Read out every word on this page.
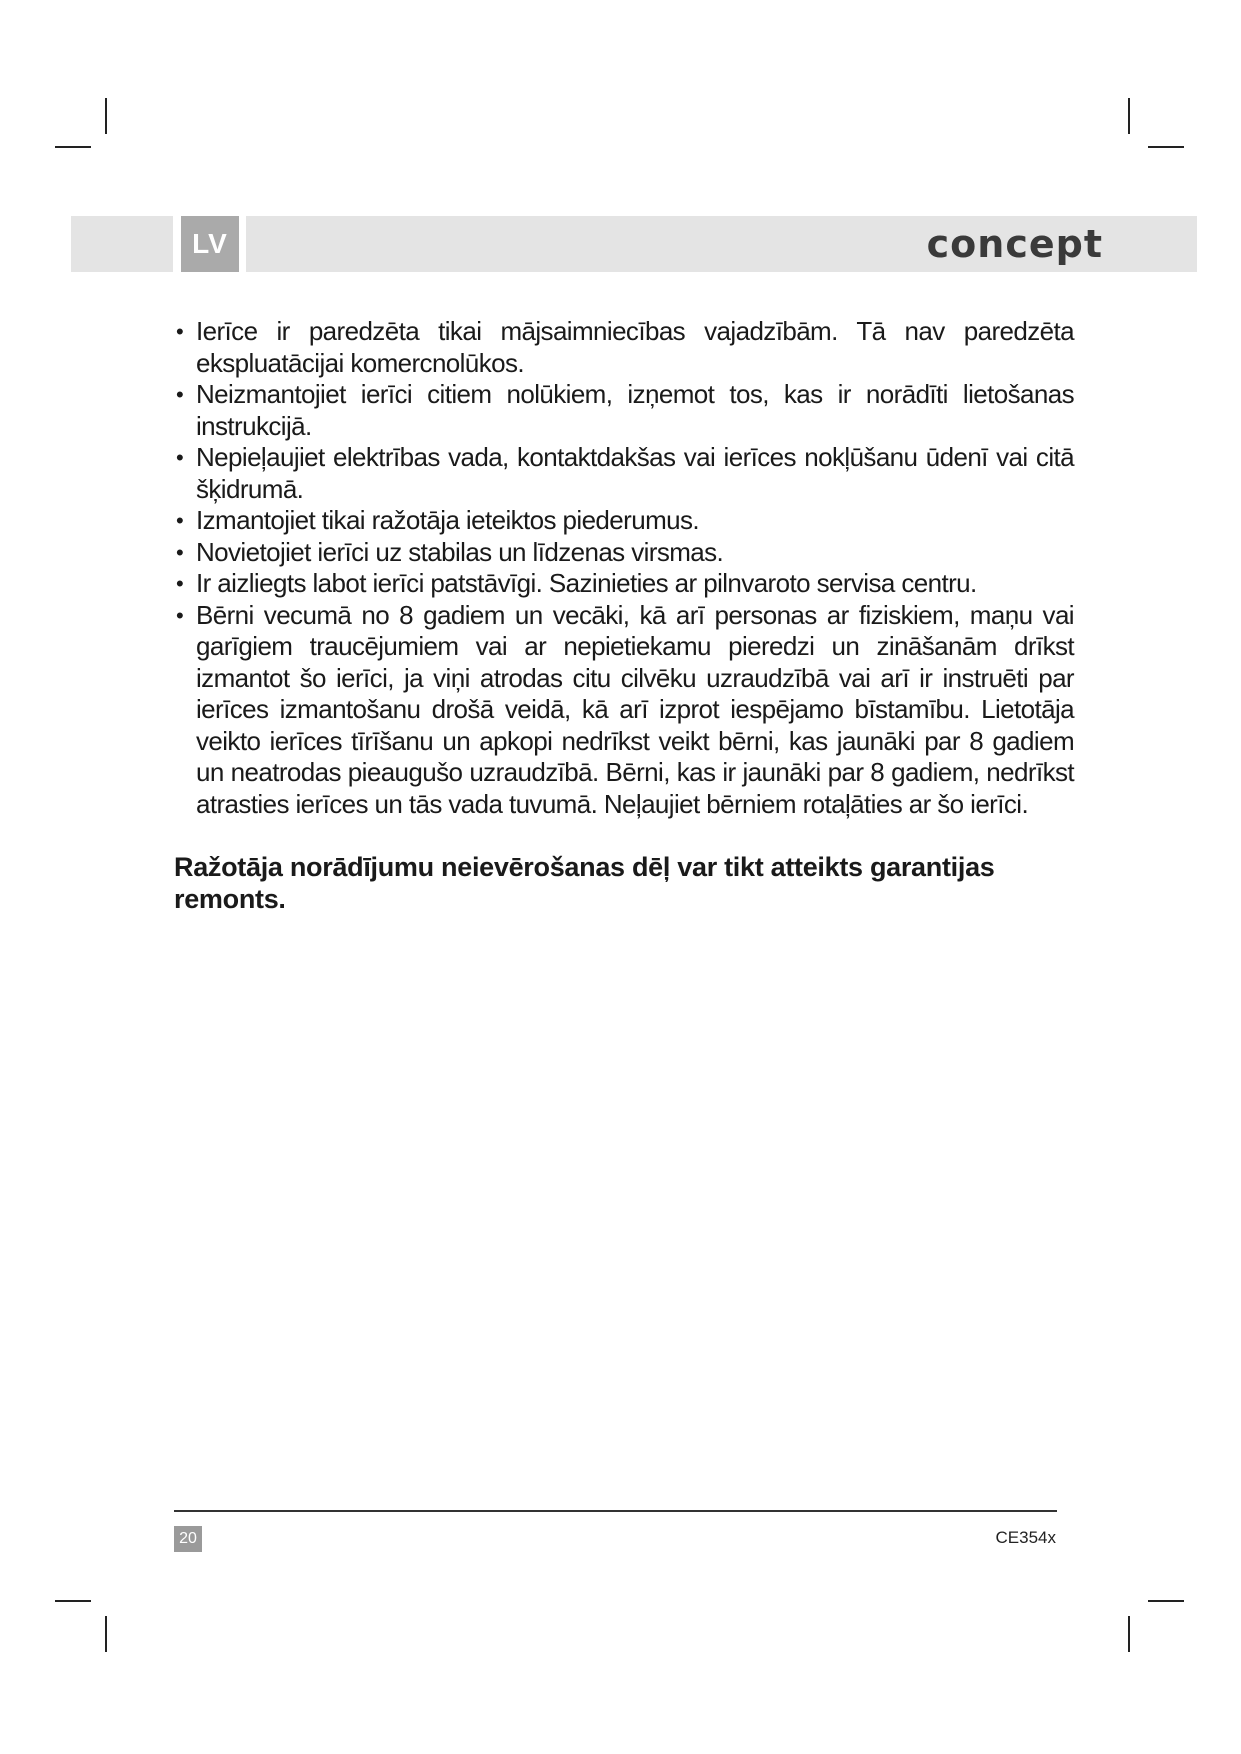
LV	concept
• Ierīce ir paredzēta tikai mājsaimniecības vajadzībām. Tā nav paredzēta ekspluatācijai komercnolūkos.
• Neizmantojiet ierīci citiem nolūkiem, izņemot tos, kas ir norādīti lietošanas instrukcijā.
• Nepieļaujiet elektrības vada, kontaktdakšas vai ierīces nokļūšanu ūdenī vai citā šķidrumā.
• Izmantojiet tikai ražotāja ieteiktos piederumus.
• Novietojiet ierīci uz stabilas un līdzenas virsmas.
• Ir aizliegts labot ierīci patstāvīgi. Sazinieties ar pilnvaroto servisa centru.
• Bērni vecumā no 8 gadiem un vecāki, kā arī personas ar fiziskiem, maņu vai garīgiem traucējumiem vai ar nepietiekamu pieredzi un zināšanām drīkst izmantot šo ierīci, ja viņi atrodas citu cilvēku uzraudzībā vai arī ir instruēti par ierīces izmantošanu drošā veidā, kā arī izprot iespējamo bīstamību. Lietotāja veikto ierīces tīrīšanu un apkopi nedrīkst veikt bērni, kas jaunāki par 8 gadiem un neatrodas pieaugušo uzraudzībā. Bērni, kas ir jaunāki par 8 gadiem, nedrīkst atrasties ierīces un tās vada tuvumā. Neļaujiet bērniem rotaļāties ar šo ierīci.
Ražotāja norādījumu neievērošanas dēļ var tikt atteikts garantijas remonts.
20	CE354x
